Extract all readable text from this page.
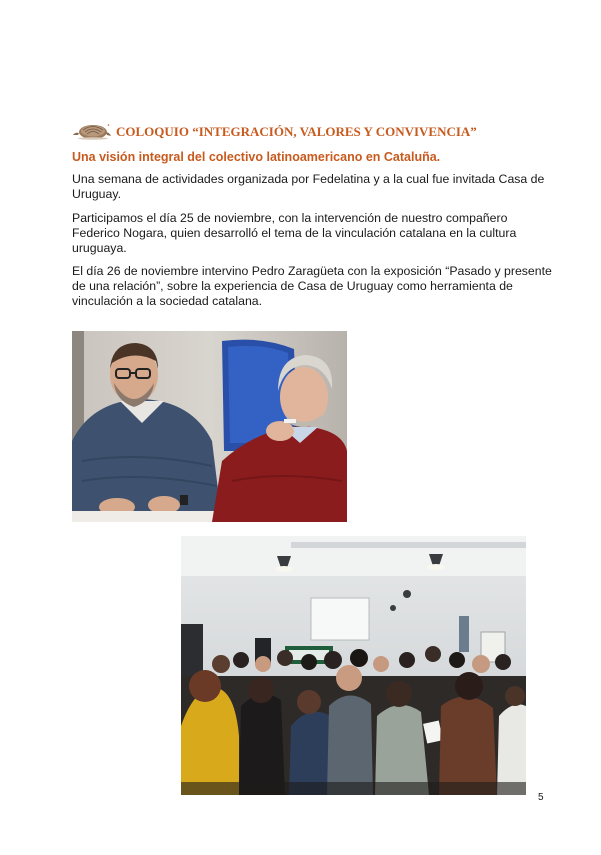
COLOQUIO “INTEGRACIÓN, VALORES Y CONVIVENCIA”
Una visión integral del colectivo latinoamericano en Cataluña.

Una semana de actividades organizada por Fedelatina y a la cual fue invitada Casa de Uruguay.

Participamos el día 25 de noviembre, con la intervención de nuestro compañero Federico Nogara, quien desarrolló el tema de la vinculación catalana en la cultura uruguaya.

El día 26 de noviembre intervino Pedro Zaragüeta con la exposición “Pasado y presente de una relación”, sobre la experiencia de Casa de Uruguay como herramienta de vinculación a la sociedad catalana.

5
